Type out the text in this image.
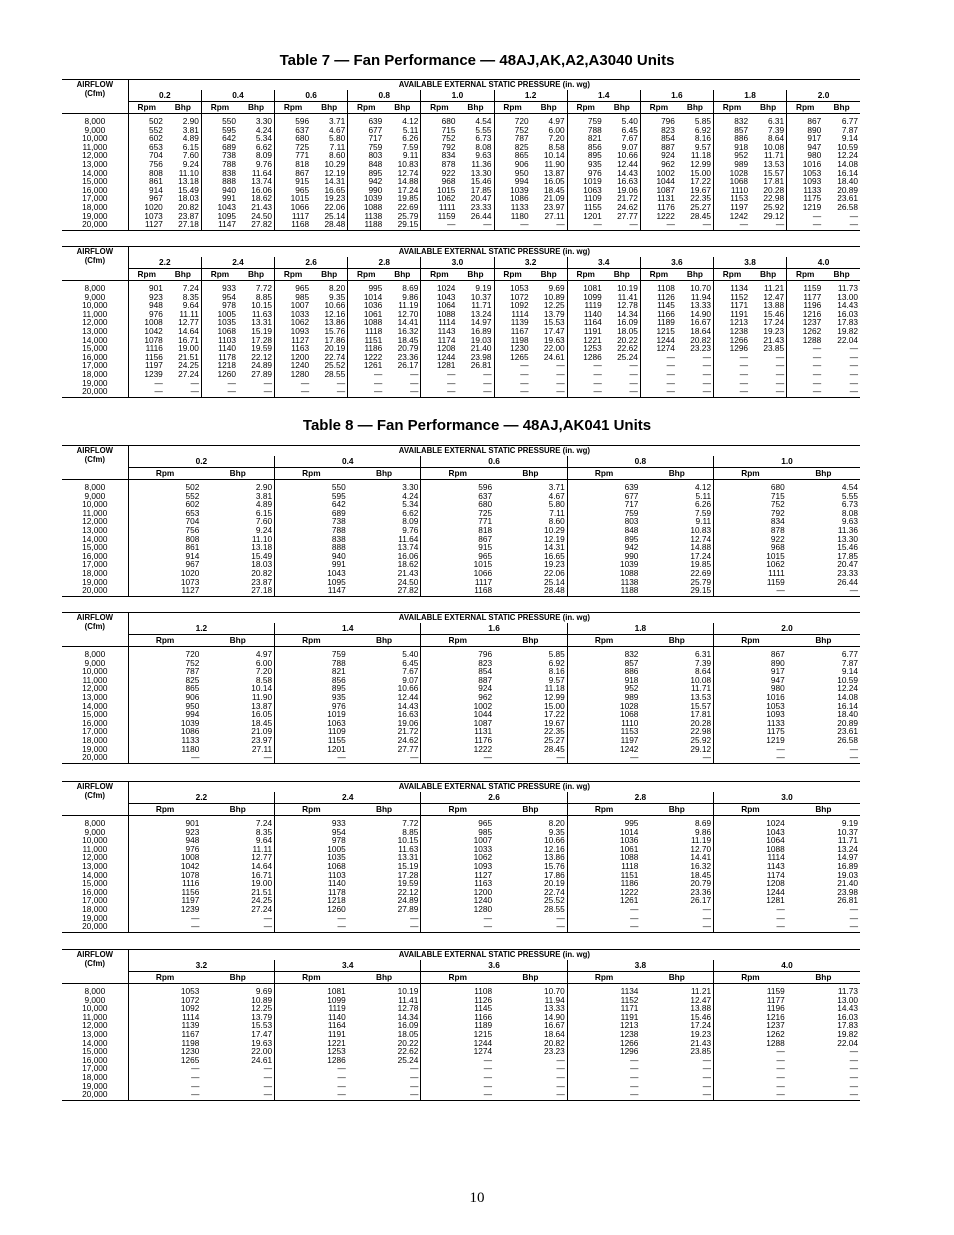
Table 7 — Fan Performance — 48AJ,AK,A2,A3040 Units
AIRFLOW
(Cfm)	AVAILABLE EXTERNAL STATIC PRESSURE (in. wg)																			
	0.2		0.4		0.6		0.8		1.0		1.2		1.4		1.6		1.8		2.0	
	Rpm	Bhp	Rpm	Bhp	Rpm	Bhp	Rpm	Bhp	Rpm	Bhp	Rpm	Bhp	Rpm	Bhp	Rpm	Bhp	Rpm	Bhp	Rpm	Bhp
8,000	502	2.90	550	3.30	596	3.71	639	4.12	680	4.54	720	4.97	759	5.40	796	5.85	832	6.31	867	6.77
9,000	552	3.81	595	4.24	637	4.67	677	5.11	715	5.55	752	6.00	788	6.45	823	6.92	857	7.39	890	7.87
10,000	602	4.89	642	5.34	680	5.80	717	6.26	752	6.73	787	7.20	821	7.67	854	8.16	886	8.64	917	9.14
11,000	653	6.15	689	6.62	725	7.11	759	7.59	792	8.08	825	8.58	856	9.07	887	9.57	918	10.08	947	10.59
12,000	704	7.60	738	8.09	771	8.60	803	9.11	834	9.63	865	10.14	895	10.66	924	11.18	952	11.71	980	12.24
13,000	756	9.24	788	9.76	818	10.29	848	10.83	878	11.36	906	11.90	935	12.44	962	12.99	989	13.53	1016	14.08
14,000	808	11.10	838	11.64	867	12.19	895	12.74	922	13.30	950	13.87	976	14.43	1002	15.00	1028	15.57	1053	16.14
15,000	861	13.18	888	13.74	915	14.31	942	14.88	968	15.46	994	16.05	1019	16.63	1044	17.22	1068	17.81	1093	18.40
16,000	914	15.49	940	16.06	965	16.65	990	17.24	1015	17.85	1039	18.45	1063	19.06	1087	19.67	1110	20.28	1133	20.89
17,000	967	18.03	991	18.62	1015	19.23	1039	19.85	1062	20.47	1086	21.09	1109	21.72	1131	22.35	1153	22.98	1175	23.61
18,000	1020	20.82	1043	21.43	1066	22.06	1088	22.69	1111	23.33	1133	23.97	1155	24.62	1176	25.27	1197	25.92	1219	26.58
19,000	1073	23.87	1095	24.50	1117	25.14	1138	25.79	1159	26.44	1180	27.11	1201	27.77	1222	28.45	1242	29.12	—	—
20,000	1127	27.18	1147	27.82	1168	28.48	1188	29.15	—	—	—	—	—	—	—	—	—	—	—	—
AIRFLOW
(Cfm)	AVAILABLE EXTERNAL STATIC PRESSURE (in. wg)																			
	2.2		2.4		2.6		2.8		3.0		3.2		3.4		3.6		3.8		4.0	
	Rpm	Bhp	Rpm	Bhp	Rpm	Bhp	Rpm	Bhp	Rpm	Bhp	Rpm	Bhp	Rpm	Bhp	Rpm	Bhp	Rpm	Bhp	Rpm	Bhp
8,000	901	7.24	933	7.72	965	8.20	995	8.69	1024	9.19	1053	9.69	1081	10.19	1108	10.70	1134	11.21	1159	11.73
9,000	923	8.35	954	8.85	985	9.35	1014	9.86	1043	10.37	1072	10.89	1099	11.41	1126	11.94	1152	12.47	1177	13.00
10,000	948	9.64	978	10.15	1007	10.66	1036	11.19	1064	11.71	1092	12.25	1119	12.78	1145	13.33	1171	13.88	1196	14.43
11,000	976	11.11	1005	11.63	1033	12.16	1061	12.70	1088	13.24	1114	13.79	1140	14.34	1166	14.90	1191	15.46	1216	16.03
12,000	1008	12.77	1035	13.31	1062	13.86	1088	14.41	1114	14.97	1139	15.53	1164	16.09	1189	16.67	1213	17.24	1237	17.83
13,000	1042	14.64	1068	15.19	1093	15.76	1118	16.32	1143	16.89	1167	17.47	1191	18.05	1215	18.64	1238	19.23	1262	19.82
14,000	1078	16.71	1103	17.28	1127	17.86	1151	18.45	1174	19.03	1198	19.63	1221	20.22	1244	20.82	1266	21.43	1288	22.04
15,000	1116	19.00	1140	19.59	1163	20.19	1186	20.79	1208	21.40	1230	22.00	1253	22.62	1274	23.23	1296	23.85	—	—
16,000	1156	21.51	1178	22.12	1200	22.74	1222	23.36	1244	23.98	1265	24.61	1286	25.24	—	—	—	—	—	—
17,000	1197	24.25	1218	24.89	1240	25.52	1261	26.17	1281	26.81	—	—	—	—	—	—	—	—	—	—
18,000	1239	27.24	1260	27.89	1280	28.55	—	—	—	—	—	—	—	—	—	—	—	—	—	—
19,000	—	—	—	—	—	—	—	—	—	—	—	—	—	—	—	—	—	—	—	—
20,000	—	—	—	—	—	—	—	—	—	—	—	—	—	—	—	—	—	—	—	—
Table 8 — Fan Performance — 48AJ,AK041 Units
AIRFLOW
(Cfm)	AVAILABLE EXTERNAL STATIC PRESSURE (in. wg)									
	0.2		0.4		0.6		0.8		1.0	
	Rpm	Bhp	Rpm	Bhp	Rpm	Bhp	Rpm	Bhp	Rpm	Bhp
8,000	502	2.90	550	3.30	596	3.71	639	4.12	680	4.54
9,000	552	3.81	595	4.24	637	4.67	677	5.11	715	5.55
10,000	602	4.89	642	5.34	680	5.80	717	6.26	752	6.73
11,000	653	6.15	689	6.62	725	7.11	759	7.59	792	8.08
12,000	704	7.60	738	8.09	771	8.60	803	9.11	834	9.63
13,000	756	9.24	788	9.76	818	10.29	848	10.83	878	11.36
14,000	808	11.10	838	11.64	867	12.19	895	12.74	922	13.30
15,000	861	13.18	888	13.74	915	14.31	942	14.88	968	15.46
16,000	914	15.49	940	16.06	965	16.65	990	17.24	1015	17.85
17,000	967	18.03	991	18.62	1015	19.23	1039	19.85	1062	20.47
18,000	1020	20.82	1043	21.43	1066	22.06	1088	22.69	1111	23.33
19,000	1073	23.87	1095	24.50	1117	25.14	1138	25.79	1159	26.44
20,000	1127	27.18	1147	27.82	1168	28.48	1188	29.15	—	—
AIRFLOW
(Cfm)	AVAILABLE EXTERNAL STATIC PRESSURE (in. wg)									
	1.2		1.4		1.6		1.8		2.0	
	Rpm	Bhp	Rpm	Bhp	Rpm	Bhp	Rpm	Bhp	Rpm	Bhp
8,000	720	4.97	759	5.40	796	5.85	832	6.31	867	6.77
9,000	752	6.00	788	6.45	823	6.92	857	7.39	890	7.87
10,000	787	7.20	821	7.67	854	8.16	886	8.64	917	9.14
11,000	825	8.58	856	9.07	887	9.57	918	10.08	947	10.59
12,000	865	10.14	895	10.66	924	11.18	952	11.71	980	12.24
13,000	906	11.90	935	12.44	962	12.99	989	13.53	1016	14.08
14,000	950	13.87	976	14.43	1002	15.00	1028	15.57	1053	16.14
15,000	994	16.05	1019	16.63	1044	17.22	1068	17.81	1093	18.40
16,000	1039	18.45	1063	19.06	1087	19.67	1110	20.28	1133	20.89
17,000	1086	21.09	1109	21.72	1131	22.35	1153	22.98	1175	23.61
18,000	1133	23.97	1155	24.62	1176	25.27	1197	25.92	1219	26.58
19,000	1180	27.11	1201	27.77	1222	28.45	1242	29.12	—	—
20,000	—	—	—	—	—	—	—	—	—	—
AIRFLOW
(Cfm)	AVAILABLE EXTERNAL STATIC PRESSURE (in. wg)									
	2.2		2.4		2.6		2.8		3.0	
	Rpm	Bhp	Rpm	Bhp	Rpm	Bhp	Rpm	Bhp	Rpm	Bhp
8,000	901	7.24	933	7.72	965	8.20	995	8.69	1024	9.19
9,000	923	8.35	954	8.85	985	9.35	1014	9.86	1043	10.37
10,000	948	9.64	978	10.15	1007	10.66	1036	11.19	1064	11.71
11,000	976	11.11	1005	11.63	1033	12.16	1061	12.70	1088	13.24
12,000	1008	12.77	1035	13.31	1062	13.86	1088	14.41	1114	14.97
13,000	1042	14.64	1068	15.19	1093	15.76	1118	16.32	1143	16.89
14,000	1078	16.71	1103	17.28	1127	17.86	1151	18.45	1174	19.03
15,000	1116	19.00	1140	19.59	1163	20.19	1186	20.79	1208	21.40
16,000	1156	21.51	1178	22.12	1200	22.74	1222	23.36	1244	23.98
17,000	1197	24.25	1218	24.89	1240	25.52	1261	26.17	1281	26.81
18,000	1239	27.24	1260	27.89	1280	28.55	—	—	—	—
19,000	—	—	—	—	—	—	—	—	—	—
20,000	—	—	—	—	—	—	—	—	—	—
AIRFLOW
(Cfm)	AVAILABLE EXTERNAL STATIC PRESSURE (in. wg)									
	3.2		3.4		3.6		3.8		4.0	
	Rpm	Bhp	Rpm	Bhp	Rpm	Bhp	Rpm	Bhp	Rpm	Bhp
8,000	1053	9.69	1081	10.19	1108	10.70	1134	11.21	1159	11.73
9,000	1072	10.89	1099	11.41	1126	11.94	1152	12.47	1177	13.00
10,000	1092	12.25	1119	12.78	1145	13.33	1171	13.88	1196	14.43
11,000	1114	13.79	1140	14.34	1166	14.90	1191	15.46	1216	16.03
12,000	1139	15.53	1164	16.09	1189	16.67	1213	17.24	1237	17.83
13,000	1167	17.47	1191	18.05	1215	18.64	1238	19.23	1262	19.82
14,000	1198	19.63	1221	20.22	1244	20.82	1266	21.43	1288	22.04
15,000	1230	22.00	1253	22.62	1274	23.23	1296	23.85	—	—
16,000	1265	24.61	1286	25.24	—	—	—	—	—	—
17,000	—	—	—	—	—	—	—	—	—	—
18,000	—	—	—	—	—	—	—	—	—	—
19,000	—	—	—	—	—	—	—	—	—	—
20,000	—	—	—	—	—	—	—	—	—	—
10
